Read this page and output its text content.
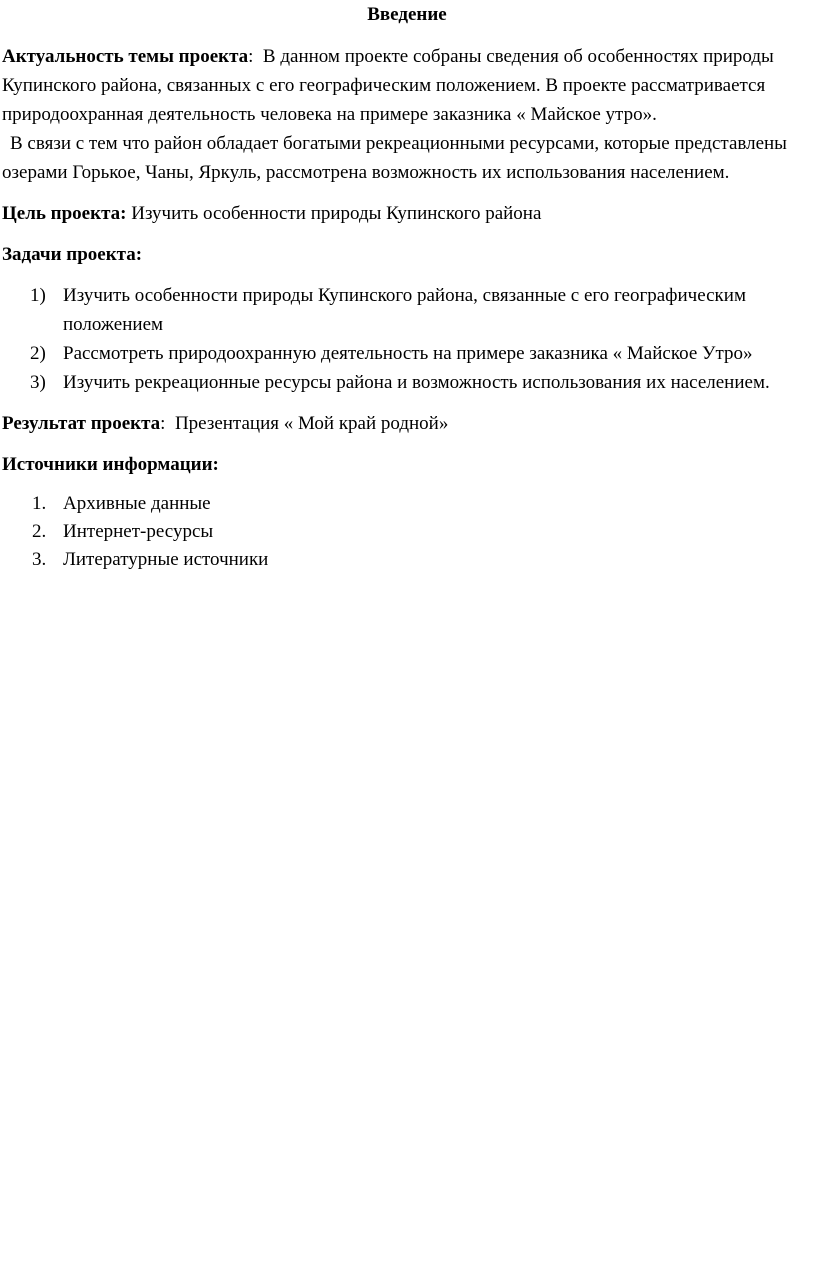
Введение

Актуальность темы проекта:  В данном проекте собраны сведения об особенностях природы Купинского района, связанных с его географическим положением. В проекте рассматривается природоохранная деятельность человека на примере заказника « Майское утро».

В связи с тем что район обладает богатыми рекреационными ресурсами, которые представлены озерами Горькое, Чаны, Яркуль, рассмотрена возможность их использования населением.

Цель проекта: Изучить особенности природы Купинского района

Задачи проекта:

1) Изучить особенности природы Купинского района, связанные с его географическим положением
2) Рассмотреть природоохранную деятельность на примере заказника « Майское Утро»
3) Изучить рекреационные ресурсы района и возможность использования их населением.

Результат проекта:  Презентация « Мой край родной»

Источники информации:

1. Архивные данные
2. Интернет-ресурсы
3. Литературные источники
